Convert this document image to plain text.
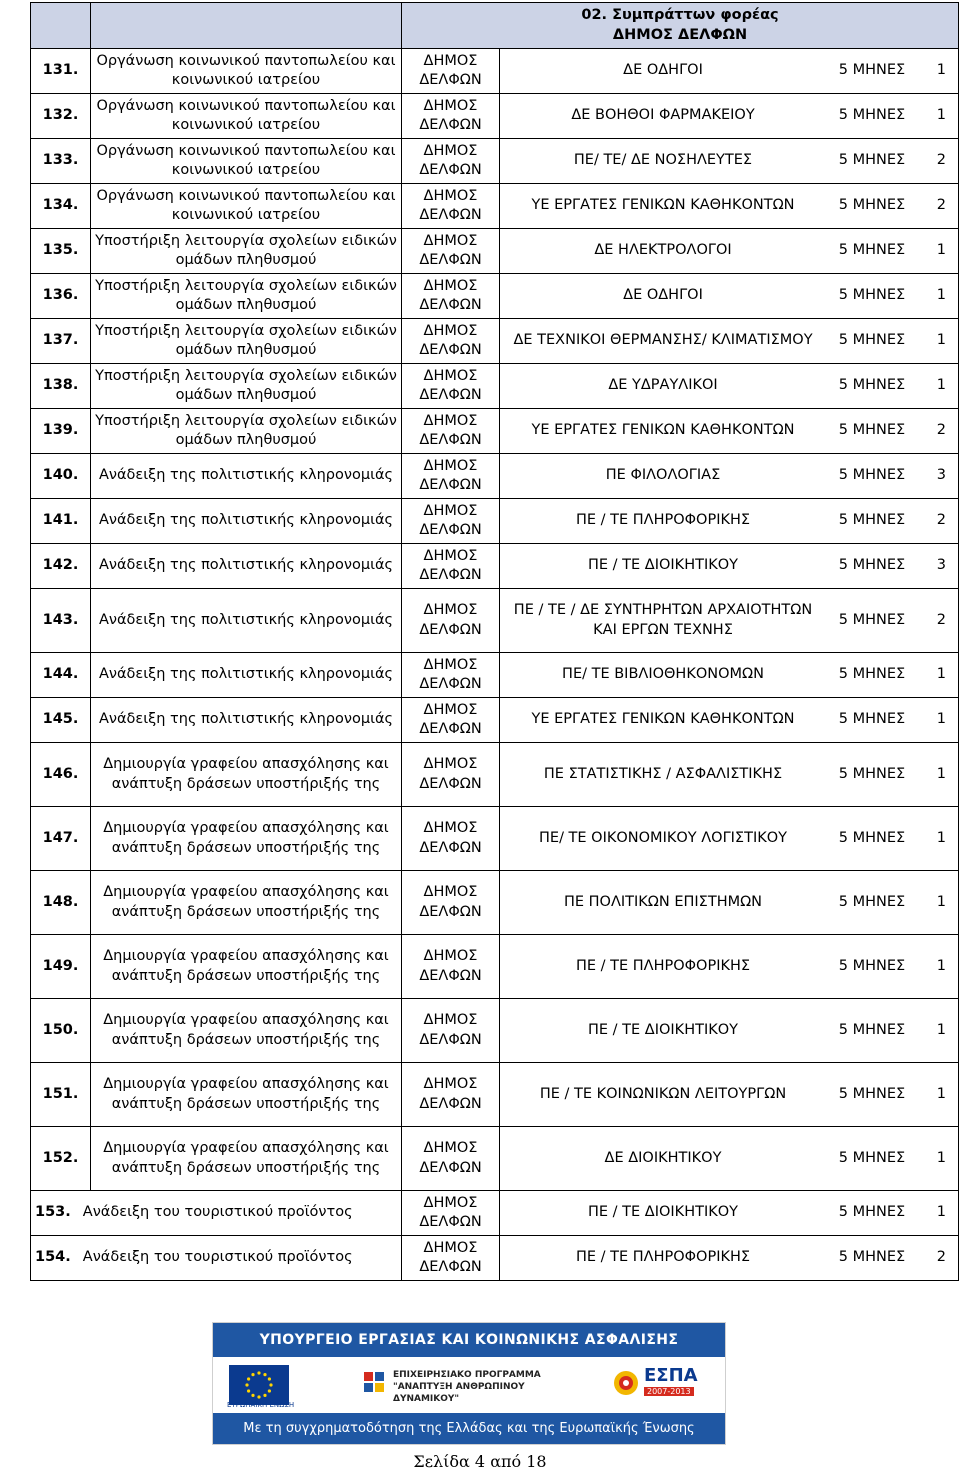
		02. Συμπράττων φορέας
ΔΗΜΟΣ ΔΕΛΦΩΝ	

131.	Οργάνωση κοινωνικού παντοπωλείου και κοινωνικού ιατρείου	ΔΗΜΟΣ ΔΕΛΦΩΝ	ΔΕ ΟΔΗΓΟΙ 5 ΜΗΝΕΣ 1

132.	Οργάνωση κοινωνικού παντοπωλείου και κοινωνικού ιατρείου	ΔΗΜΟΣ ΔΕΛΦΩΝ	ΔΕ ΒΟΗΘΟΙ ΦΑΡΜΑΚΕΙΟΥ 5 ΜΗΝΕΣ 1

133.	Οργάνωση κοινωνικού παντοπωλείου και κοινωνικού ιατρείου	ΔΗΜΟΣ ΔΕΛΦΩΝ	ΠΕ/ ΤΕ/ ΔΕ ΝΟΣΗΛΕΥΤΕΣ 5 ΜΗΝΕΣ 2

134.	Οργάνωση κοινωνικού παντοπωλείου και κοινωνικού ιατρείου	ΔΗΜΟΣ ΔΕΛΦΩΝ	ΥΕ ΕΡΓΑΤΕΣ ΓΕΝΙΚΩΝ ΚΑΘΗΚΟΝΤΩΝ 5 ΜΗΝΕΣ 2

135.	Υποστήριξη λειτουργία σχολείων ειδικών ομάδων πληθυσμού	ΔΗΜΟΣ ΔΕΛΦΩΝ	ΔΕ ΗΛΕΚΤΡΟΛΟΓΟΙ 5 ΜΗΝΕΣ 1

136.	Υποστήριξη λειτουργία σχολείων ειδικών ομάδων πληθυσμού	ΔΗΜΟΣ ΔΕΛΦΩΝ	ΔΕ ΟΔΗΓΟΙ 5 ΜΗΝΕΣ 1

137.	Υποστήριξη λειτουργία σχολείων ειδικών ομάδων πληθυσμού	ΔΗΜΟΣ ΔΕΛΦΩΝ	ΔΕ ΤΕΧΝΙΚΟΙ ΘΕΡΜΑΝΣΗΣ/ ΚΛΙΜΑΤΙΣΜΟΥ 5 ΜΗΝΕΣ 1

138.	Υποστήριξη λειτουργία σχολείων ειδικών ομάδων πληθυσμού	ΔΗΜΟΣ ΔΕΛΦΩΝ	ΔΕ ΥΔΡΑΥΛΙΚΟΙ 5 ΜΗΝΕΣ 1

139.	Υποστήριξη λειτουργία σχολείων ειδικών ομάδων πληθυσμού	ΔΗΜΟΣ ΔΕΛΦΩΝ	ΥΕ ΕΡΓΑΤΕΣ ΓΕΝΙΚΩΝ ΚΑΘΗΚΟΝΤΩΝ 5 ΜΗΝΕΣ 2

140.	Ανάδειξη της πολιτιστικής κληρονομιάς	ΔΗΜΟΣ ΔΕΛΦΩΝ	ΠΕ ΦΙΛΟΛΟΓΙΑΣ 5 ΜΗΝΕΣ 3

141.	Ανάδειξη της πολιτιστικής κληρονομιάς	ΔΗΜΟΣ ΔΕΛΦΩΝ	ΠΕ / ΤΕ ΠΛΗΡΟΦΟΡΙΚΗΣ 5 ΜΗΝΕΣ 2

142.	Ανάδειξη της πολιτιστικής κληρονομιάς	ΔΗΜΟΣ ΔΕΛΦΩΝ	ΠΕ / ΤΕ ΔΙΟΙΚΗΤΙΚΟΥ 5 ΜΗΝΕΣ 3

143.	Ανάδειξη της πολιτιστικής κληρονομιάς	ΔΗΜΟΣ ΔΕΛΦΩΝ	ΠΕ / ΤΕ / ΔΕ ΣΥΝΤΗΡΗΤΩΝ ΑΡΧΑΙΟΤΗΤΩΝ ΚΑΙ ΕΡΓΩΝ ΤΕΧΝΗΣ
5 ΜΗΝΕΣ 2

144.	Ανάδειξη της πολιτιστικής κληρονομιάς	ΔΗΜΟΣ ΔΕΛΦΩΝ	ΠΕ/ ΤΕ ΒΙΒΛΙΟΘΗΚΟΝΟΜΩΝ 5 ΜΗΝΕΣ 1

145.	Ανάδειξη της πολιτιστικής κληρονομιάς	ΔΗΜΟΣ ΔΕΛΦΩΝ	ΥΕ ΕΡΓΑΤΕΣ ΓΕΝΙΚΩΝ ΚΑΘΗΚΟΝΤΩΝ 5 ΜΗΝΕΣ 1

146.	Δημιουργία γραφείου απασχόλησης και ανάπτυξη δράσεων υποστήριξής της	ΔΗΜΟΣ ΔΕΛΦΩΝ	ΠΕ ΣΤΑΤΙΣΤΙΚΗΣ / ΑΣΦΑΛΙΣΤΙΚΗΣ 5 ΜΗΝΕΣ 1

147.	Δημιουργία γραφείου απασχόλησης και ανάπτυξη δράσεων υποστήριξής της	ΔΗΜΟΣ ΔΕΛΦΩΝ	ΠΕ/ ΤΕ ΟΙΚΟΝΟΜΙΚΟΥ ΛΟΓΙΣΤΙΚΟΥ 5 ΜΗΝΕΣ 1

148.	Δημιουργία γραφείου απασχόλησης και ανάπτυξη δράσεων υποστήριξής της	ΔΗΜΟΣ ΔΕΛΦΩΝ	ΠΕ ΠΟΛΙΤΙΚΩΝ ΕΠΙΣΤΗΜΩΝ 5 ΜΗΝΕΣ 1

149.	Δημιουργία γραφείου απασχόλησης και ανάπτυξη δράσεων υποστήριξής της	ΔΗΜΟΣ ΔΕΛΦΩΝ	ΠΕ / ΤΕ ΠΛΗΡΟΦΟΡΙΚΗΣ 5 ΜΗΝΕΣ 1

150.	Δημιουργία γραφείου απασχόλησης και ανάπτυξη δράσεων υποστήριξής της	ΔΗΜΟΣ ΔΕΛΦΩΝ	ΠΕ / ΤΕ ΔΙΟΙΚΗΤΙΚΟΥ 5 ΜΗΝΕΣ 1

151.	Δημιουργία γραφείου απασχόλησης και ανάπτυξη δράσεων υποστήριξής της	ΔΗΜΟΣ ΔΕΛΦΩΝ	ΠΕ / ΤΕ ΚΟΙΝΩΝΙΚΩΝ ΛΕΙΤΟΥΡΓΩΝ 5 ΜΗΝΕΣ 1

152.	Δημιουργία γραφείου απασχόλησης και ανάπτυξη δράσεων υποστήριξής της	ΔΗΜΟΣ ΔΕΛΦΩΝ	ΔΕ ΔΙΟΙΚΗΤΙΚΟΥ 5 ΜΗΝΕΣ 1

153. Ανάδειξη του τουριστικού προϊόντος		ΔΗΜΟΣ ΔΕΛΦΩΝ	ΠΕ / ΤΕ ΔΙΟΙΚΗΤΙΚΟΥ 5 ΜΗΝΕΣ 1

154. Ανάδειξη του τουριστικού προϊόντος		ΔΗΜΟΣ ΔΕΛΦΩΝ	ΠΕ / ΤΕ ΠΛΗΡΟΦΟΡΙΚΗΣ 5 ΜΗΝΕΣ 2
ΥΠΟΥΡΓΕΙΟ ΕΡΓΑΣΙΑΣ ΚΑΙ ΚΟΙΝΩΝΙΚΗΣ ΑΣΦΑΛΙΣΗΣ
ΕΥΡΩΠΑΪΚΗ ΕΝΩΣΗ
ΕΠΙΧΕΙΡΗΣΙΑΚΟ ΠΡΟΓΡΑΜΜΑ
"ΑΝΑΠΤΥΞΗ ΑΝΘΡΩΠΙΝΟΥ ΔΥΝΑΜΙΚΟΥ"
ΕΣΠΑ
2007-2013
Με τη συγχρηματοδότηση της Ελλάδας και της Ευρωπαϊκής Ένωσης
Σελίδα 4 από 18
